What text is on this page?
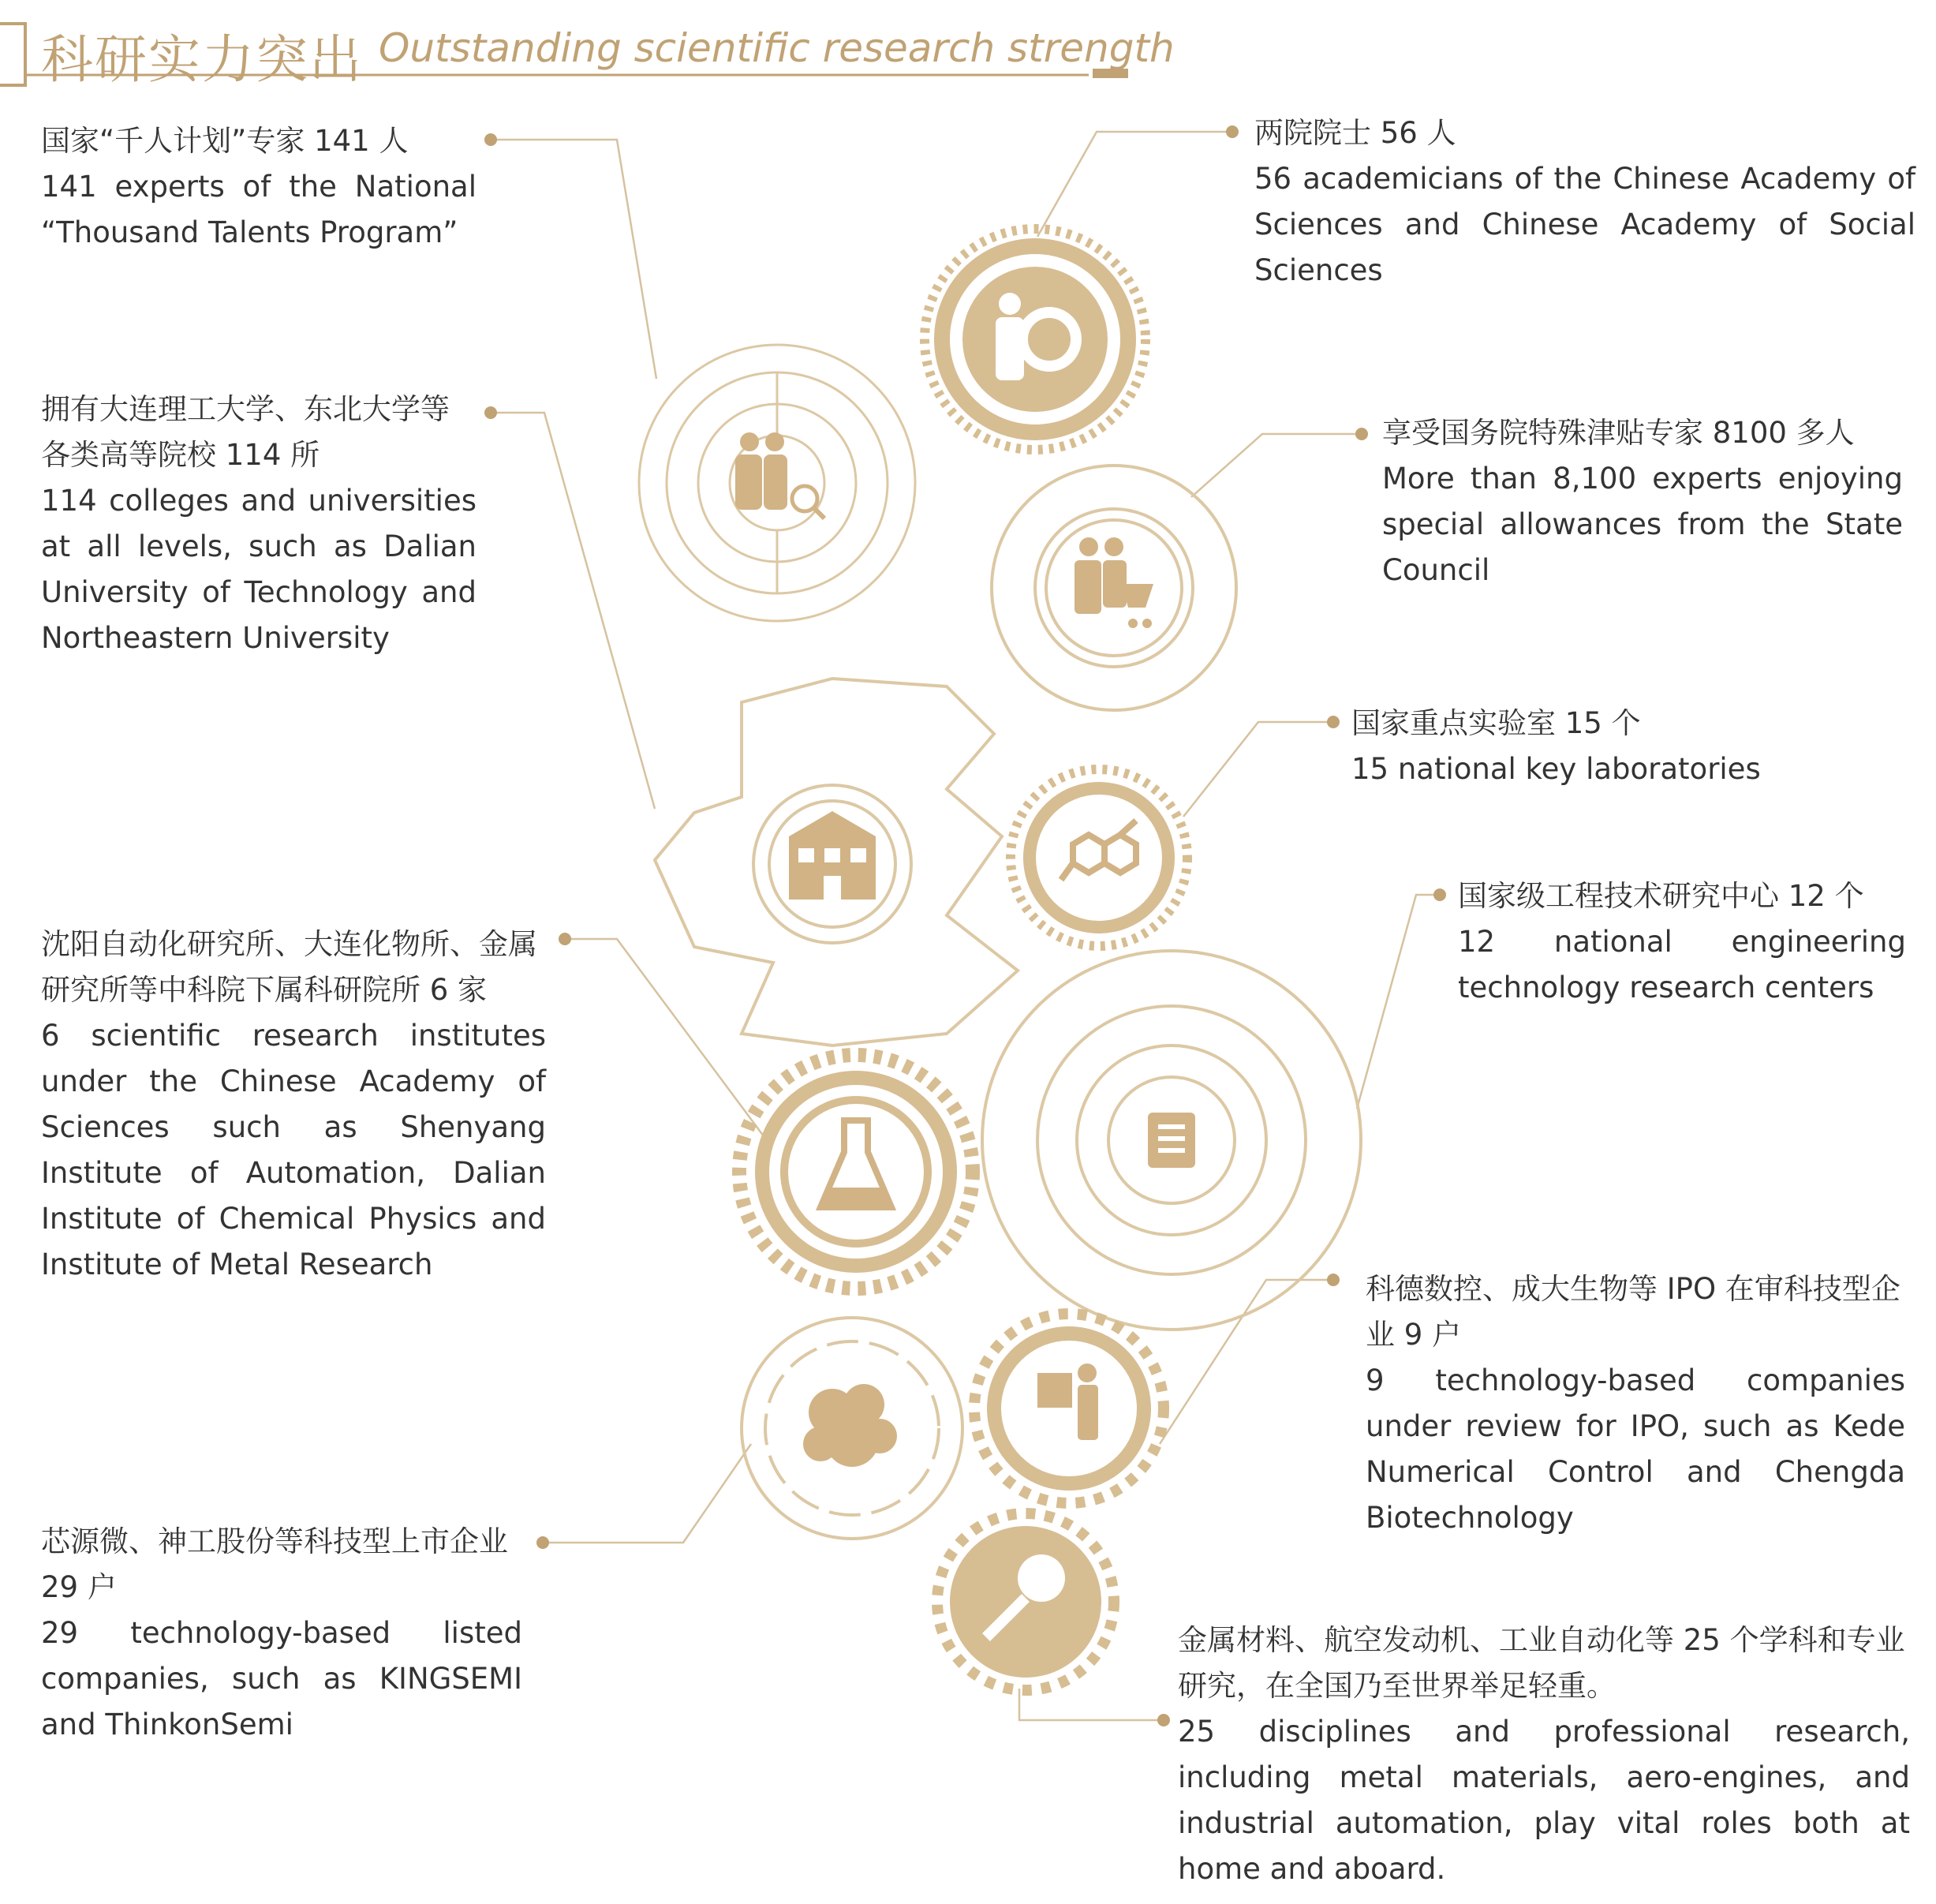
科研实力突出 Outstanding scientific research strength
国家“千人计划”专家 141 人
141 experts of the National “Thousand Talents Program”
拥有大连理工大学、东北大学等各类高等院校 114 所
114 colleges and universities at all levels, such as Dalian University of Technology and Northeastern University
沈阳自动化研究所、大连化物所、金属研究所等中科院下属科研院所 6 家
6 scientific research institutes under the Chinese Academy of Sciences such as Shenyang Institute of Automation, Dalian Institute of Chemical Physics and Institute of Metal Research
芯源微、神工股份等科技型上市企业 29 户
29 technology-based listed companies, such as KINGSEMI and ThinkonSemi
两院院士 56 人
56 academicians of the Chinese Academy of Sciences and Chinese Academy of Social Sciences
享受国务院特殊津贴专家 8100 多人
More than 8,100 experts enjoying special allowances from the State Council
国家重点实验室 15 个
15 national key laboratories
国家级工程技术研究中心 12 个
12 national engineering technology research centers
科德数控、成大生物等 IPO 在审科技型企业 9 户
9 technology-based companies under review for IPO, such as Kede Numerical Control and Chengda Biotechnology
金属材料、航空发动机、工业自动化等 25 个学科和专业研究，在全国乃至世界举足轻重。
25 disciplines and professional research, including metal materials, aero-engines, and industrial automation, play vital roles both at home and aboard.
